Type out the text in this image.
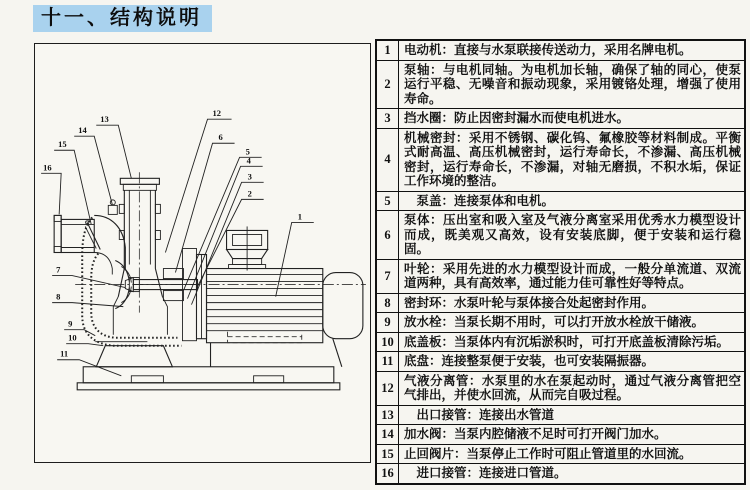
十一、结构说明
1
2
3
4
5
6
7
8
9
10
11
12
13
14
15
16
1	电动机：直接与水泵联接传送动力，采用名牌电机。
2	泵轴：与电机同轴。为电机加长轴，确保了轴的同心，使泵运行平稳、无噪音和振动现象，采用镀铬处理，增强了使用寿命。
3	挡水圈：防止因密封漏水而使电机进水。
4	机械密封：采用不锈钢、碳化钨、氟橡胶等材料制成。平衡式耐高温、高压机械密封，运行寿命长，不渗漏、高压机械密封，运行寿命长，不渗漏，对轴无磨损，不积水垢，保证工作环境的整洁。
5	　泵盖：连接泵体和电机。
6	泵体：压出室和吸入室及气液分离室采用优秀水力模型设计而成，既美观又高效，设有安装底脚，便于安装和运行稳固。
7	叶轮：采用先进的水力模型设计而成，一般分单流道、双流道两种，具有高效率，通过能力佳可靠性好等特点。
8	密封环：水泵叶轮与泵体接合处起密封作用。
9	放水栓：当泵长期不用时，可以打开放水栓放干储液。
10	底盖板：当泵体内有沉垢淤积时，可打开底盖板清除污垢。
11	底盘：连接整泵便于安装，也可安装隔振器。
12	气液分离管：水泵里的水在泵起动时，通过气液分离管把空气排出，并使水回流，从而完自吸过程。
13	　出口接管：连接出水管道
14	加水阀：当泵内腔储液不足时可打开阀门加水。
15	止回阀片：当泵停止工作时可阻止管道里的水回流。
16	　进口接管：连接进口管道。
